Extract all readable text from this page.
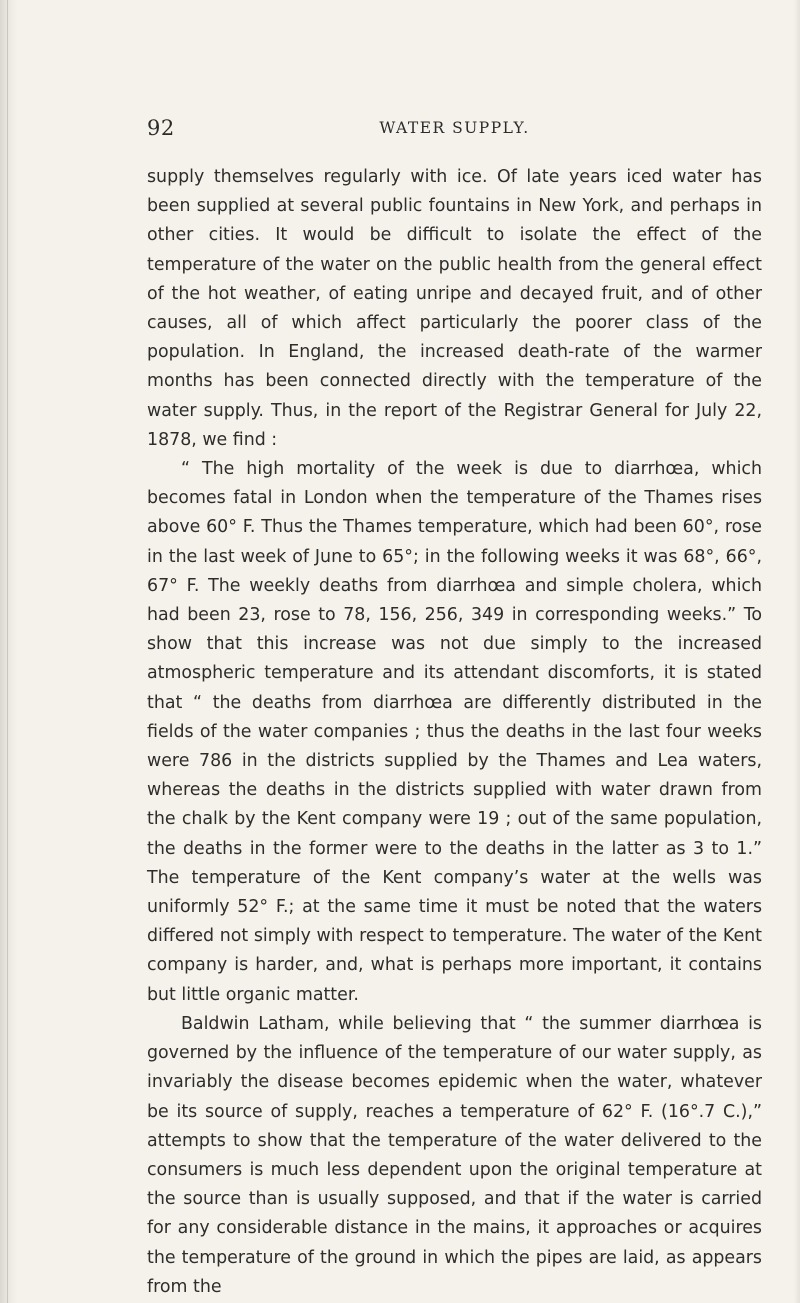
92	WATER SUPPLY.

supply themselves regularly with ice. Of late years iced water has been supplied at several public fountains in New York, and perhaps in other cities. It would be difficult to isolate the effect of the temperature of the water on the public health from the general effect of the hot weather, of eating unripe and decayed fruit, and of other causes, all of which affect particularly the poorer class of the population. In England, the increased death-rate of the warmer months has been connected directly with the temperature of the water supply. Thus, in the report of the Registrar General for July 22, 1878, we find :

“ The high mortality of the week is due to diarrhœa, which becomes fatal in London when the temperature of the Thames rises above 60° F. Thus the Thames temperature, which had been 60°, rose in the last week of June to 65°; in the following weeks it was 68°, 66°, 67° F. The weekly deaths from diarrhœa and simple cholera, which had been 23, rose to 78, 156, 256, 349 in corresponding weeks.” To show that this increase was not due simply to the increased atmospheric temperature and its attendant discomforts, it is stated that “ the deaths from diarrhœa are differently distributed in the fields of the water companies ; thus the deaths in the last four weeks were 786 in the districts supplied by the Thames and Lea waters, whereas the deaths in the districts supplied with water drawn from the chalk by the Kent company were 19 ; out of the same population, the deaths in the former were to the deaths in the latter as 3 to 1.” The temperature of the Kent company’s water at the wells was uniformly 52° F.; at the same time it must be noted that the waters differed not simply with respect to temperature. The water of the Kent company is harder, and, what is perhaps more important, it contains but little organic matter.

Baldwin Latham, while believing that “ the summer diarrhœa is governed by the influence of the temperature of our water supply, as invariably the disease becomes epidemic when the water, whatever be its source of supply, reaches a temperature of 62° F. (16°.7 C.),” attempts to show that the temperature of the water delivered to the consumers is much less dependent upon the original temperature at the source than is usually supposed, and that if the water is carried for any considerable distance in the mains, it approaches or acquires the temperature of the ground in which the pipes are laid, as appears from the
